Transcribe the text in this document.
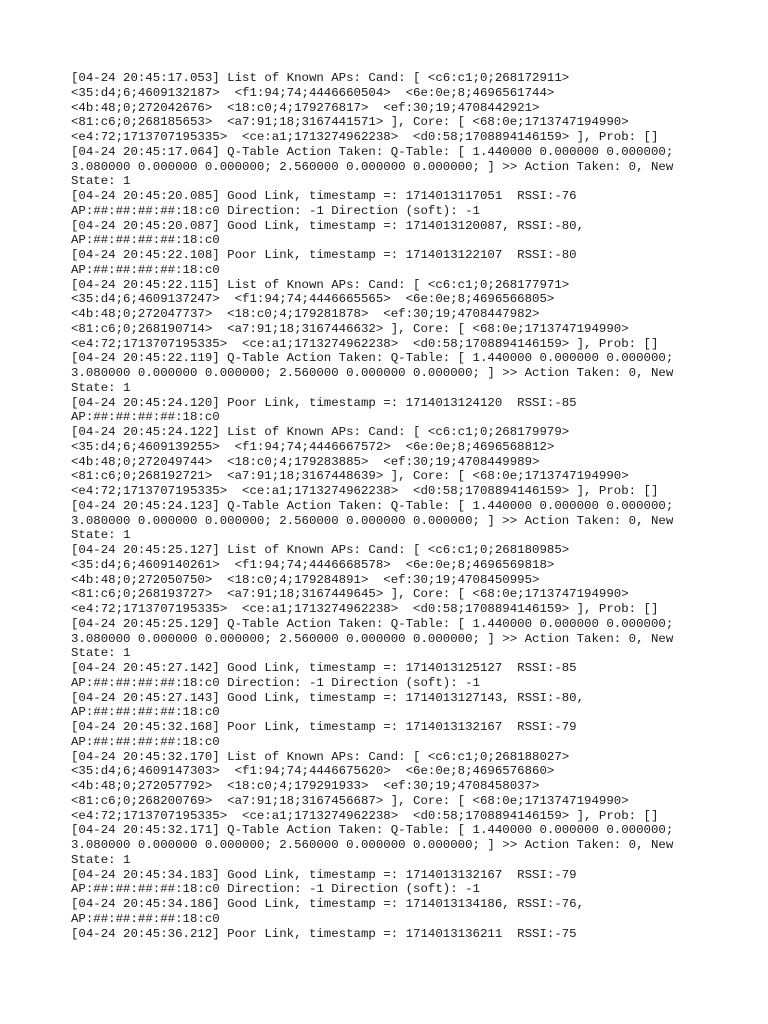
[04-24 20:45:17.053] List of Known APs: Cand: [ <c6:c1;0;268172911>
<35:d4;6;4609132187>  <f1:94;74;4446660504>  <6e:0e;8;4696561744>
<4b:48;0;272042676>  <18:c0;4;179276817>  <ef:30;19;4708442921>
<81:c6;0;268185653>  <a7:91;18;3167441571> ], Core: [ <68:0e;1713747194990>
<e4:72;1713707195335>  <ce:a1;1713274962238>  <d0:58;1708894146159> ], Prob: []
[04-24 20:45:17.064] Q-Table Action Taken: Q-Table: [ 1.440000 0.000000 0.000000;
3.080000 0.000000 0.000000; 2.560000 0.000000 0.000000; ] >> Action Taken: 0, New
State: 1
[04-24 20:45:20.085] Good Link, timestamp =: 1714013117051  RSSI:-76
AP:##:##:##:##:18:c0 Direction: -1 Direction (soft): -1
[04-24 20:45:20.087] Good Link, timestamp =: 1714013120087, RSSI:-80,
AP:##:##:##:##:18:c0
[04-24 20:45:22.108] Poor Link, timestamp =: 1714013122107  RSSI:-80
AP:##:##:##:##:18:c0
[04-24 20:45:22.115] List of Known APs: Cand: [ <c6:c1;0;268177971>
<35:d4;6;4609137247>  <f1:94;74;4446665565>  <6e:0e;8;4696566805>
<4b:48;0;272047737>  <18:c0;4;179281878>  <ef:30;19;4708447982>
<81:c6;0;268190714>  <a7:91;18;3167446632> ], Core: [ <68:0e;1713747194990>
<e4:72;1713707195335>  <ce:a1;1713274962238>  <d0:58;1708894146159> ], Prob: []
[04-24 20:45:22.119] Q-Table Action Taken: Q-Table: [ 1.440000 0.000000 0.000000;
3.080000 0.000000 0.000000; 2.560000 0.000000 0.000000; ] >> Action Taken: 0, New
State: 1
[04-24 20:45:24.120] Poor Link, timestamp =: 1714013124120  RSSI:-85
AP:##:##:##:##:18:c0
[04-24 20:45:24.122] List of Known APs: Cand: [ <c6:c1;0;268179979>
<35:d4;6;4609139255>  <f1:94;74;4446667572>  <6e:0e;8;4696568812>
<4b:48;0;272049744>  <18:c0;4;179283885>  <ef:30;19;4708449989>
<81:c6;0;268192721>  <a7:91;18;3167448639> ], Core: [ <68:0e;1713747194990>
<e4:72;1713707195335>  <ce:a1;1713274962238>  <d0:58;1708894146159> ], Prob: []
[04-24 20:45:24.123] Q-Table Action Taken: Q-Table: [ 1.440000 0.000000 0.000000;
3.080000 0.000000 0.000000; 2.560000 0.000000 0.000000; ] >> Action Taken: 0, New
State: 1
[04-24 20:45:25.127] List of Known APs: Cand: [ <c6:c1;0;268180985>
<35:d4;6;4609140261>  <f1:94;74;4446668578>  <6e:0e;8;4696569818>
<4b:48;0;272050750>  <18:c0;4;179284891>  <ef:30;19;4708450995>
<81:c6;0;268193727>  <a7:91;18;3167449645> ], Core: [ <68:0e;1713747194990>
<e4:72;1713707195335>  <ce:a1;1713274962238>  <d0:58;1708894146159> ], Prob: []
[04-24 20:45:25.129] Q-Table Action Taken: Q-Table: [ 1.440000 0.000000 0.000000;
3.080000 0.000000 0.000000; 2.560000 0.000000 0.000000; ] >> Action Taken: 0, New
State: 1
[04-24 20:45:27.142] Good Link, timestamp =: 1714013125127  RSSI:-85
AP:##:##:##:##:18:c0 Direction: -1 Direction (soft): -1
[04-24 20:45:27.143] Good Link, timestamp =: 1714013127143, RSSI:-80,
AP:##:##:##:##:18:c0
[04-24 20:45:32.168] Poor Link, timestamp =: 1714013132167  RSSI:-79
AP:##:##:##:##:18:c0
[04-24 20:45:32.170] List of Known APs: Cand: [ <c6:c1;0;268188027>
<35:d4;6;4609147303>  <f1:94;74;4446675620>  <6e:0e;8;4696576860>
<4b:48;0;272057792>  <18:c0;4;179291933>  <ef:30;19;4708458037>
<81:c6;0;268200769>  <a7:91;18;3167456687> ], Core: [ <68:0e;1713747194990>
<e4:72;1713707195335>  <ce:a1;1713274962238>  <d0:58;1708894146159> ], Prob: []
[04-24 20:45:32.171] Q-Table Action Taken: Q-Table: [ 1.440000 0.000000 0.000000;
3.080000 0.000000 0.000000; 2.560000 0.000000 0.000000; ] >> Action Taken: 0, New
State: 1
[04-24 20:45:34.183] Good Link, timestamp =: 1714013132167  RSSI:-79
AP:##:##:##:##:18:c0 Direction: -1 Direction (soft): -1
[04-24 20:45:34.186] Good Link, timestamp =: 1714013134186, RSSI:-76,
AP:##:##:##:##:18:c0
[04-24 20:45:36.212] Poor Link, timestamp =: 1714013136211  RSSI:-75
